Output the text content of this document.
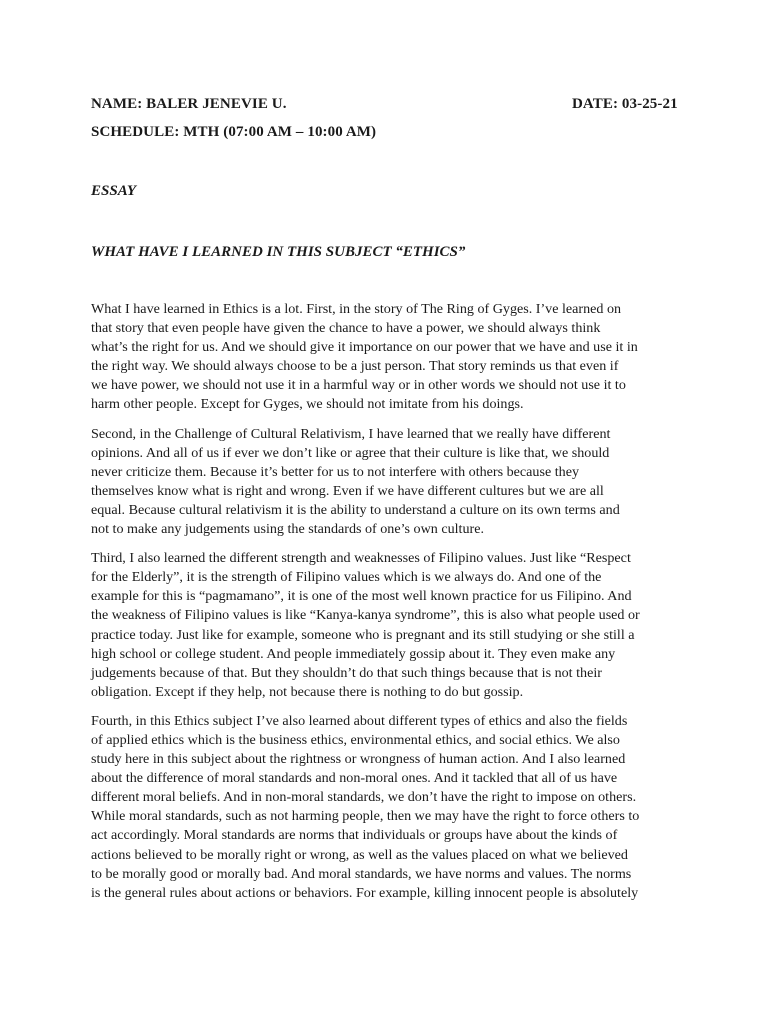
NAME: BALER JENEVIE U.	DATE: 03-25-21
SCHEDULE: MTH (07:00 AM – 10:00 AM)
ESSAY
WHAT HAVE I LEARNED IN THIS SUBJECT “ETHICS”

What I have learned in Ethics is a lot. First, in the story of The Ring of Gyges. I’ve learned on
that story that even people have given the chance to have a power, we should always think
what’s the right for us. And we should give it importance on our power that we have and use it in
the right way. We should always choose to be a just person. That story reminds us that even if
we have power, we should not use it in a harmful way or in other words we should not use it to
harm other people. Except for Gyges, we should not imitate from his doings.

Second, in the Challenge of Cultural Relativism, I have learned that we really have different
opinions. And all of us if ever we don’t like or agree that their culture is like that, we should
never criticize them. Because it’s better for us to not interfere with others because they
themselves know what is right and wrong. Even if we have different cultures but we are all
equal. Because cultural relativism it is the ability to understand a culture on its own terms and
not to make any judgements using the standards of one’s own culture.

Third, I also learned the different strength and weaknesses of Filipino values. Just like “Respect
for the Elderly”, it is the strength of Filipino values which is we always do. And one of the
example for this is “pagmamano”, it is one of the most well known practice for us Filipino. And
the weakness of Filipino values is like “Kanya-kanya syndrome”, this is also what people used or
practice today. Just like for example, someone who is pregnant and its still studying or she still a
high school or college student. And people immediately gossip about it. They even make any
judgements because of that. But they shouldn’t do that such things because that is not their
obligation. Except if they help, not because there is nothing to do but gossip.

Fourth, in this Ethics subject I’ve also learned about different types of ethics and also the fields
of applied ethics which is the business ethics, environmental ethics, and social ethics. We also
study here in this subject about the rightness or wrongness of human action. And I also learned
about the difference of moral standards and non-moral ones. And it tackled that all of us have
different moral beliefs. And in non-moral standards, we don’t have the right to impose on others.
While moral standards, such as not harming people, then we may have the right to force others to
act accordingly. Moral standards are norms that individuals or groups have about the kinds of
actions believed to be morally right or wrong, as well as the values placed on what we believed
to be morally good or morally bad. And moral standards, we have norms and values. The norms
is the general rules about actions or behaviors. For example, killing innocent people is absolutely
